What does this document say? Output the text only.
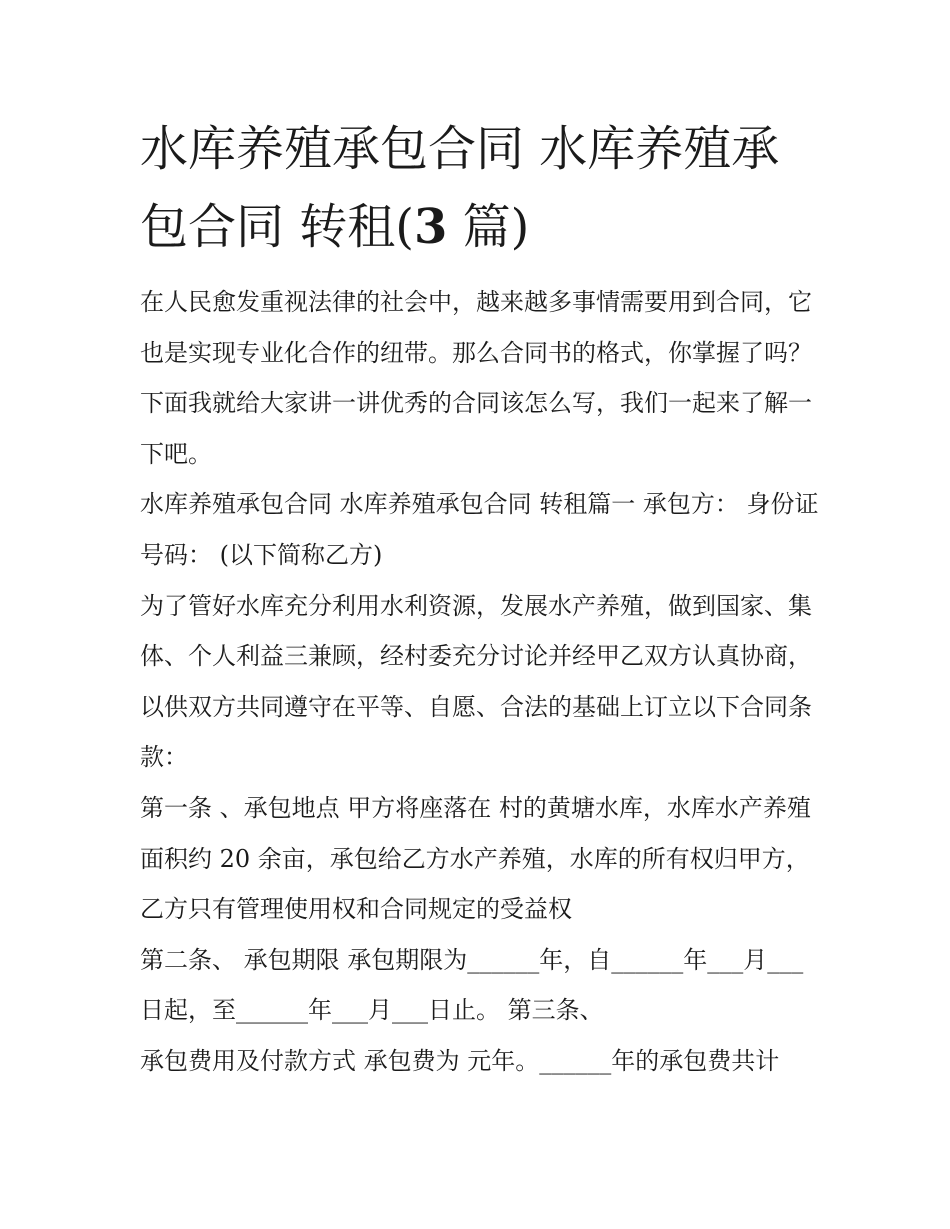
水库养殖承包合同 水库养殖承包合同 转租(3 篇)

在人民愈发重视法律的社会中，越来越多事情需要用到合同，它也是实现专业化合作的纽带。那么合同书的格式，你掌握了吗？下面我就给大家讲一讲优秀的合同该怎么写，我们一起来了解一下吧。

水库养殖承包合同 水库养殖承包合同 转租篇一 承包方： 身份证号码： (以下简称乙方)

为了管好水库充分利用水利资源，发展水产养殖，做到国家、集体、个人利益三兼顾，经村委充分讨论并经甲乙双方认真协商，以供双方共同遵守在平等、自愿、合法的基础上订立以下合同条款：

第一条 、承包地点 甲方将座落在 村的黄塘水库，水库水产养殖面积约 20 余亩，承包给乙方水产养殖，水库的所有权归甲方，乙方只有管理使用权和合同规定的受益权

第二条、 承包期限 承包期限为______年，自______年___月___日起，至______年___月___日止。 第三条、

承包费用及付款方式 承包费为 元年。______年的承包费共计
